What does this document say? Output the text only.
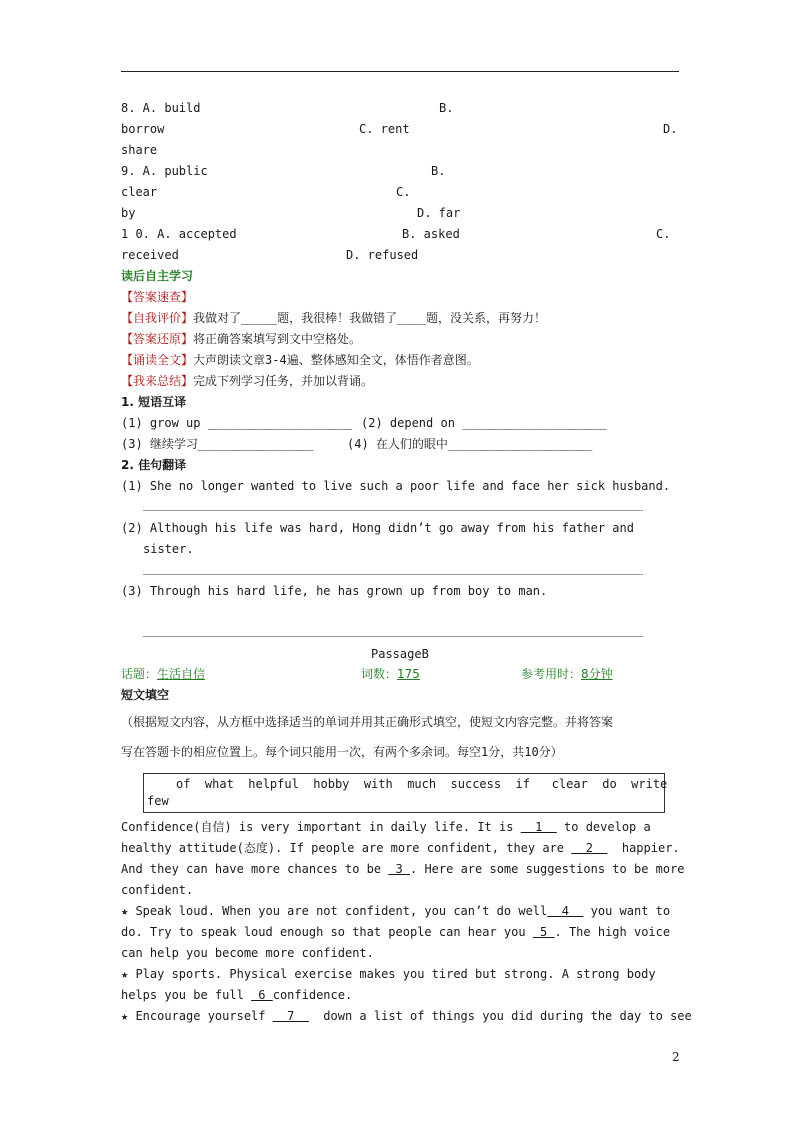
8. A. build	B.
borrow	C. rent	D.
share
9. A. public	B.
clear	C.
by	D. far
1 0. A. accepted	B. asked	C.
received	D. refused
读后自主学习
【答案速查】
【自我评价】我做对了_____题，我很棒！我做错了____题，没关系，再努力！
【答案还原】将正确答案填写到文中空格处。
【诵读全文】大声朗读文章3-4遍、整体感知全文，体悟作者意图。
【我来总结】完成下列学习任务，并加以背诵。
1. 短语互译
(1) grow up ____________________ (2) depend on ____________________
(3) 继续学习________________	(4) 在人们的眼中____________________
2. 佳句翻译
(1) She no longer wanted to live such a poor life and face her sick husband.
(2) Although his life was hard, Hong didn’t go away from his father and
sister.
(3) Through his hard life, he has grown up from boy to man.
PassageB
话题：生活自信	词数：175	参考用时：8分钟
短文填空
（根据短文内容，从方框中选择适当的单词并用其正确形式填空，使短文内容完整。并将答案
写在答题卡的相应位置上。每个词只能用一次，有两个多余词。每空1分，共10分）
of  what  helpful  hobby  with  much  success  if   clear  do  write
few
Confidence(自信) is very important in daily life. It is   1   to develop a
healthy attitude(态度). If people are more confident, they are   2    happier.
And they can have more chances to be  3 . Here are some suggestions to be more
confident.
★ Speak loud. When you are not confident, you can’t do well  4   you want to
do. Try to speak loud enough so that people can hear you  5 . The high voice
can help you become more confident.
★ Play sports. Physical exercise makes you tired but strong. A strong body
helps you be full  6 confidence.
★ Encourage yourself   7    down a list of things you did during the day to see
2
